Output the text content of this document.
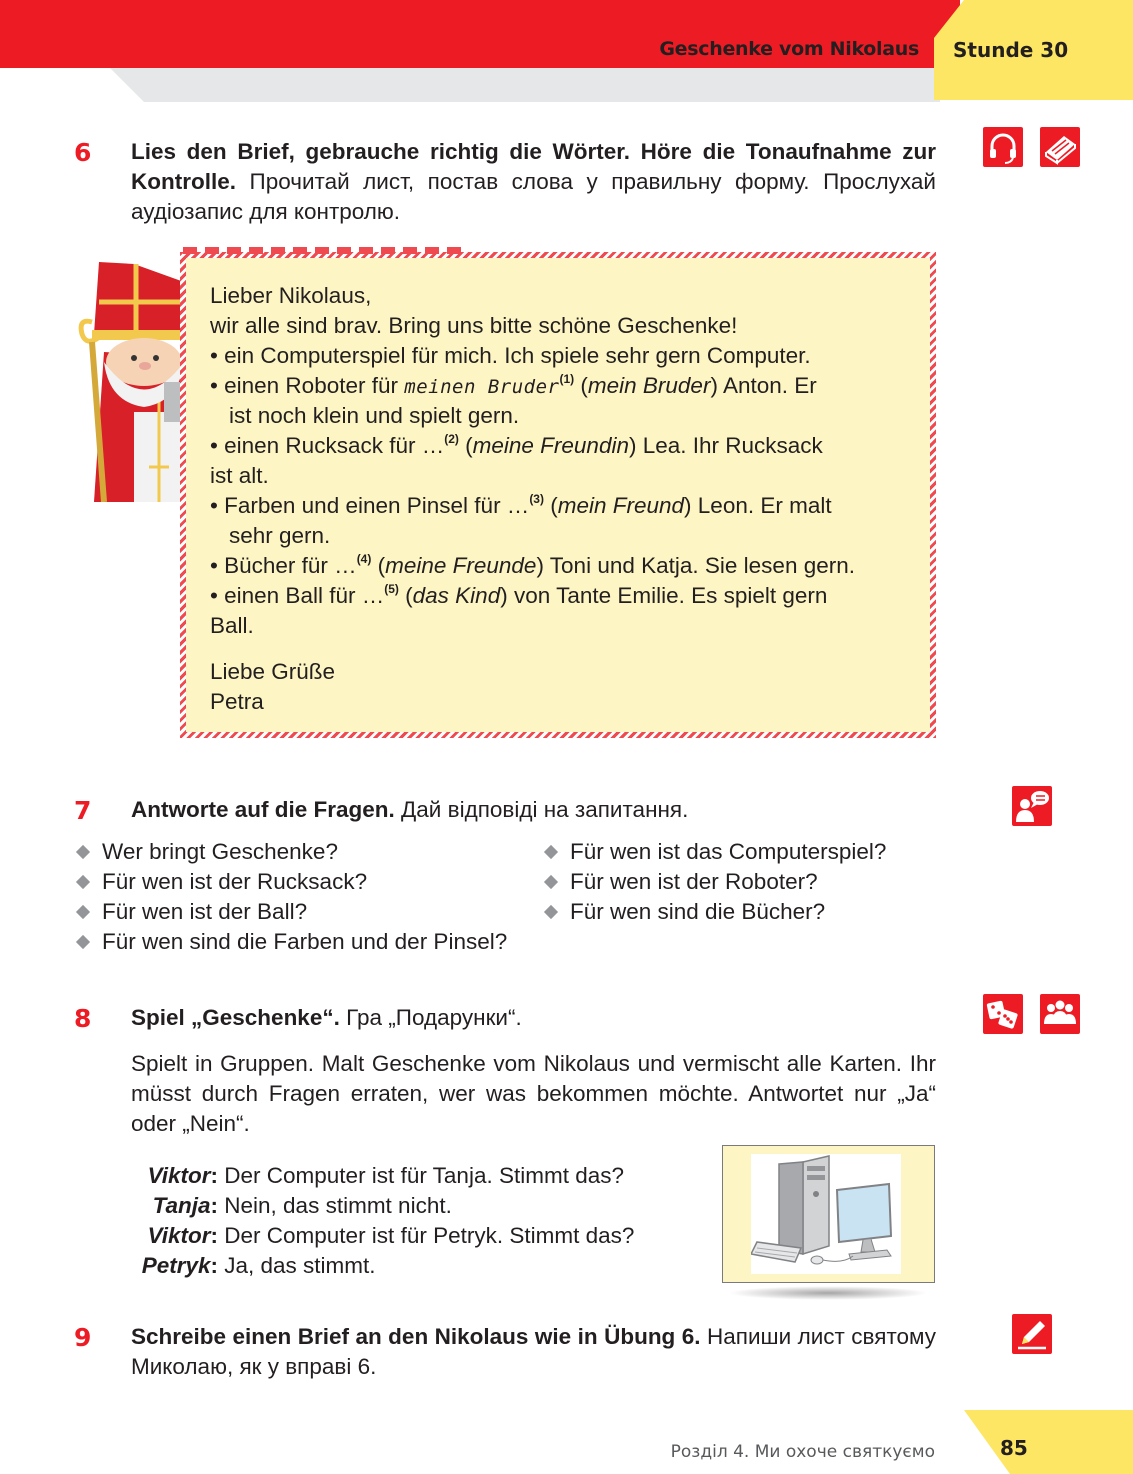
Geschenke vom Nikolaus Stunde 30
6 Lies den Brief, gebrauche richtig die Wörter. Höre die Tonaufnahme zur Kontrolle. Прочитай лист, постав слова у правильну форму. Прослухай аудіозапис для контролю.
Lieber Nikolaus,
wir alle sind brav. Bring uns bitte schöne Geschenke!
• ein Computerspiel für mich. Ich spiele sehr gern Computer.
• einen Roboter für meinen Bruder$^{(1)}$ (mein Bruder) Anton. Er
ist noch klein und spielt gern.
• einen Rucksack für …$^{(2)}$ (meine Freundin) Lea. Ihr Rucksack
ist alt.
• Farben und einen Pinsel für …$^{(3)}$ (mein Freund) Leon. Er malt
sehr gern.
• Bücher für …$^{(4)}$ (meine Freunde) Toni und Katja. Sie lesen gern.
• einen Ball für …$^{(5)}$ (das Kind) von Tante Emilie. Es spielt gern
Ball.
Liebe Grüße
Petra
7 Antworte auf die Fragen. Дай відповіді на запитання.
Wer bringt Geschenke?
Für wen ist der Rucksack?
Für wen ist der Ball?
Für wen sind die Farben und der Pinsel?
Für wen ist das Computerspiel?
Für wen ist der Roboter?
Für wen sind die Bücher?
8 Spiel „Geschenke“. Гра „Подарунки“.
Spielt in Gruppen. Malt Geschenke vom Nikolaus und vermischt alle Karten. Ihr müsst durch Fragen erraten, wer was bekommen möchte. Antwortet nur „Ja“ oder „Nein“.
Viktor: Der Computer ist für Tanja. Stimmt das?
Tanja: Nein, das stimmt nicht.
Viktor: Der Computer ist für Petryk. Stimmt das?
Petryk: Ja, das stimmt.
9 Schreibe einen Brief an den Nikolaus wie in Übung 6. Напиши лист святому Миколаю, як у вправі 6.
Розділ 4. Ми охоче святкуємо	85
